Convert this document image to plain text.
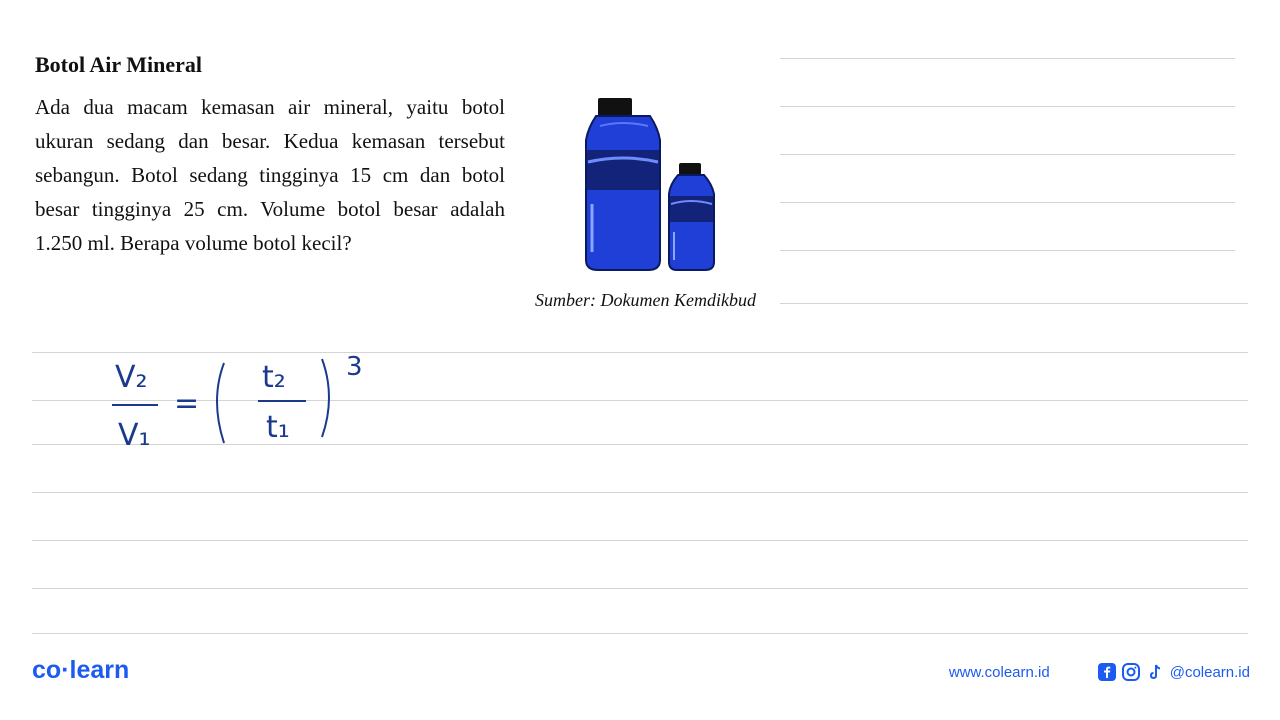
Botol Air Mineral

Ada dua macam kemasan air mineral, yaitu botol ukuran sedang dan besar. Kedua kemasan tersebut sebangun. Botol sedang tingginya 15 cm dan botol besar tingginya 25 cm. Volume botol besar adalah 1.250 ml. Berapa volume botol kecil?

Sumber: Dokumen Kemdikbud
V₂
V₁
=
t₂
t₁
3
co·learn	www.colearn.id	@colearn.id
